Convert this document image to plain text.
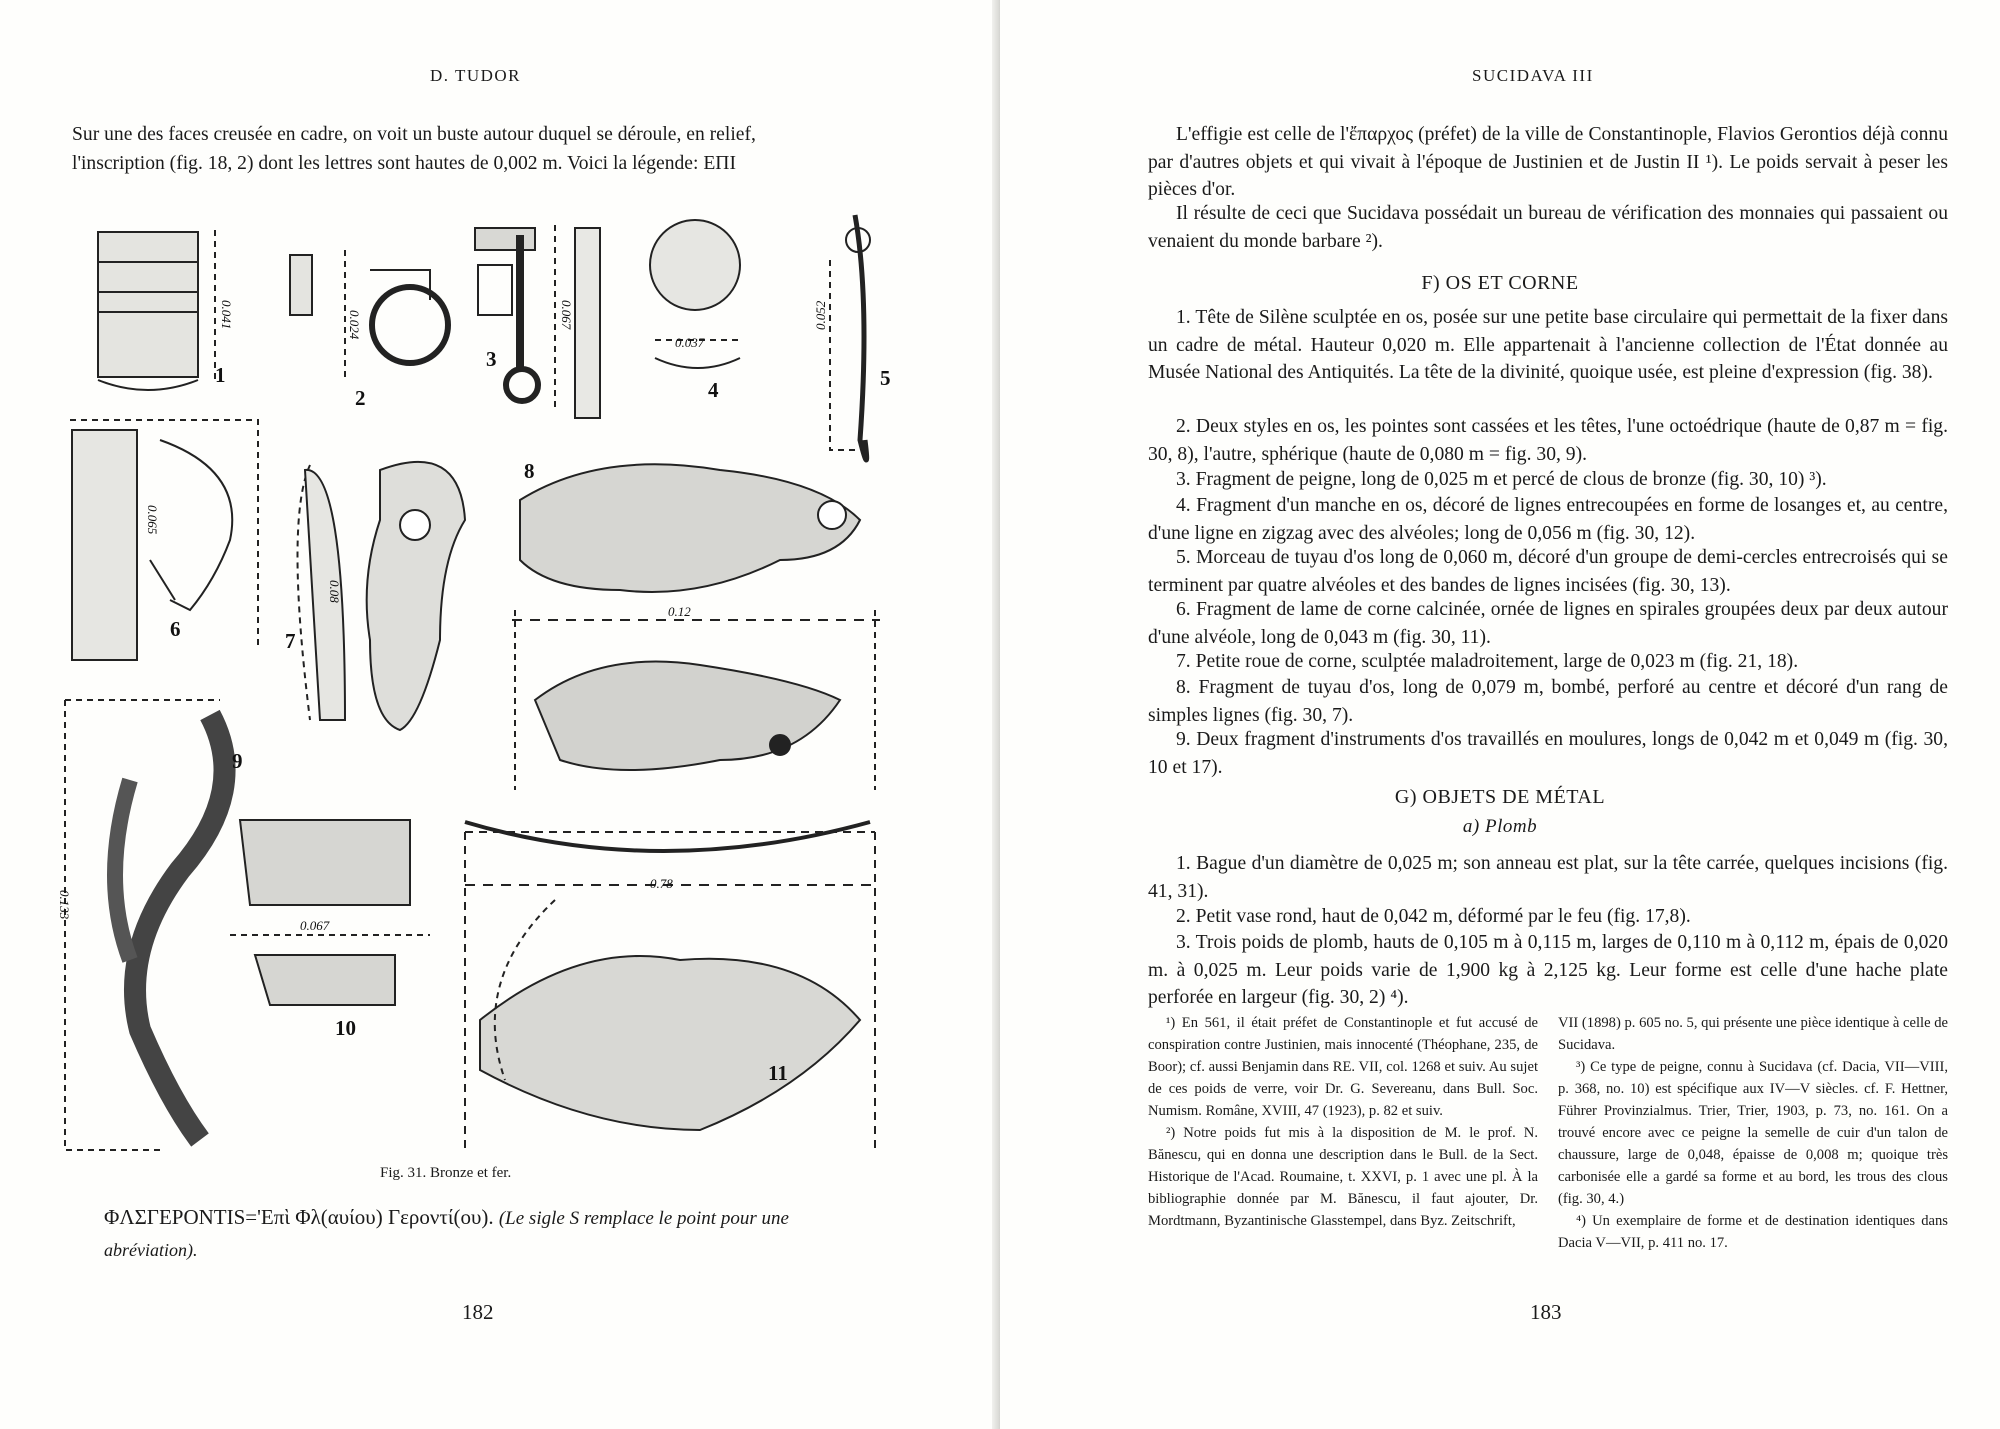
D. TUDOR

Sur une des faces creusée en cadre, on voit un buste autour duquel se déroule, en relief,

l'inscription (fig. 18, 2) dont les lettres sont hautes de 0,002 m. Voici la légende: ΕΠΙ

1
2
3
4	5
6	7
8
9
10
11
0.041	0.024	0.067
0.037
0.052
0.065
0.08
0.12
0.133
0.067
0.78
Fig. 31. Bronze et fer.
ΦΛΣΓΕΡΟΝΤΙS='Επὶ Φλ(αυίου) Γεροντί(ου). (Le sigle S remplace le point pour une
abréviation).
182
SUCIDAVA III

L'effigie est celle de l'ἔπαρχος (préfet) de la ville de Constantinople, Flavios Gerontios déjà connu par d'autres objets et qui vivait à l'époque de Justinien et de Justin II ¹). Le poids servait à peser les pièces d'or.

Il résulte de ceci que Sucidava possédait un bureau de vérification des monnaies qui passaient ou venaient du monde barbare ²).

F) OS ET CORNE

1. Tête de Silène sculptée en os, posée sur une petite base circulaire qui permettait de la fixer dans un cadre de métal. Hauteur 0,020 m. Elle appartenait à l'ancienne collection de l'État donnée au Musée National des Antiquités. La tête de la divinité, quoique usée, est pleine d'expression (fig. 38).

2. Deux styles en os, les pointes sont cassées et les têtes, l'une octoédrique (haute de 0,87 m = fig. 30, 8), l'autre, sphérique (haute de 0,080 m = fig. 30, 9).

3. Fragment de peigne, long de 0,025 m et percé de clous de bronze (fig. 30, 10) ³).

4. Fragment d'un manche en os, décoré de lignes entrecoupées en forme de losanges et, au centre, d'une ligne en zigzag avec des alvéoles; long de 0,056 m (fig. 30, 12).

5. Morceau de tuyau d'os long de 0,060 m, décoré d'un groupe de demi-cercles entrecroisés qui se terminent par quatre alvéoles et des bandes de lignes incisées (fig. 30, 13).

6. Fragment de lame de corne calcinée, ornée de lignes en spirales groupées deux par deux autour d'une alvéole, long de 0,043 m (fig. 30, 11).

7. Petite roue de corne, sculptée maladroitement, large de 0,023 m (fig. 21, 18).

8. Fragment de tuyau d'os, long de 0,079 m, bombé, perforé au centre et décoré d'un rang de simples lignes (fig. 30, 7).

9. Deux fragment d'instruments d'os travaillés en moulures, longs de 0,042 m et 0,049 m (fig. 30, 10 et 17).

G) OBJETS DE MÉTAL
a) Plomb

1. Bague d'un diamètre de 0,025 m; son anneau est plat, sur la tête carrée, quelques incisions (fig. 41, 31).

2. Petit vase rond, haut de 0,042 m, déformé par le feu (fig. 17,8).

3. Trois poids de plomb, hauts de 0,105 m à 0,115 m, larges de 0,110 m à 0,112 m, épais de 0,020 m. à 0,025 m. Leur poids varie de 1,900 kg à 2,125 kg. Leur forme est celle d'une hache plate perforée en largeur (fig. 30, 2) ⁴).

¹) En 561, il était préfet de Constantinople et fut accusé de conspiration contre Justinien, mais innocenté (Théophane, 235, de Boor); cf. aussi Benjamin dans RE. VII, col. 1268 et suiv. Au sujet de ces poids de verre, voir Dr. G. Severeanu, dans Bull. Soc. Numism. Române, XVIII, 47 (1923), p. 82 et suiv.

²) Notre poids fut mis à la disposition de M. le prof. N. Bănescu, qui en donna une description dans le Bull. de la Sect. Historique de l'Acad. Roumaine, t. XXVI, p. 1 avec une pl. À la bibliographie donnée par M. Bănescu, il faut ajouter, Dr. Mordtmann, Byzantinische Glasstempel, dans Byz. Zeitschrift,

VII (1898) p. 605 no. 5, qui présente une pièce identique à celle de Sucidava.

³) Ce type de peigne, connu à Sucidava (cf. Dacia, VII—VIII, p. 368, no. 10) est spécifique aux IV—V siècles. cf. F. Hettner, Führer Provinzialmus. Trier, Trier, 1903, p. 73, no. 161. On a trouvé encore avec ce peigne la semelle de cuir d'un talon de chaussure, large de 0,048, épaisse de 0,008 m; quoique très carbonisée elle a gardé sa forme et au bord, les trous des clous (fig. 30, 4.)

⁴) Un exemplaire de forme et de destination identiques dans Dacia V—VII, p. 411 no. 17.

183
